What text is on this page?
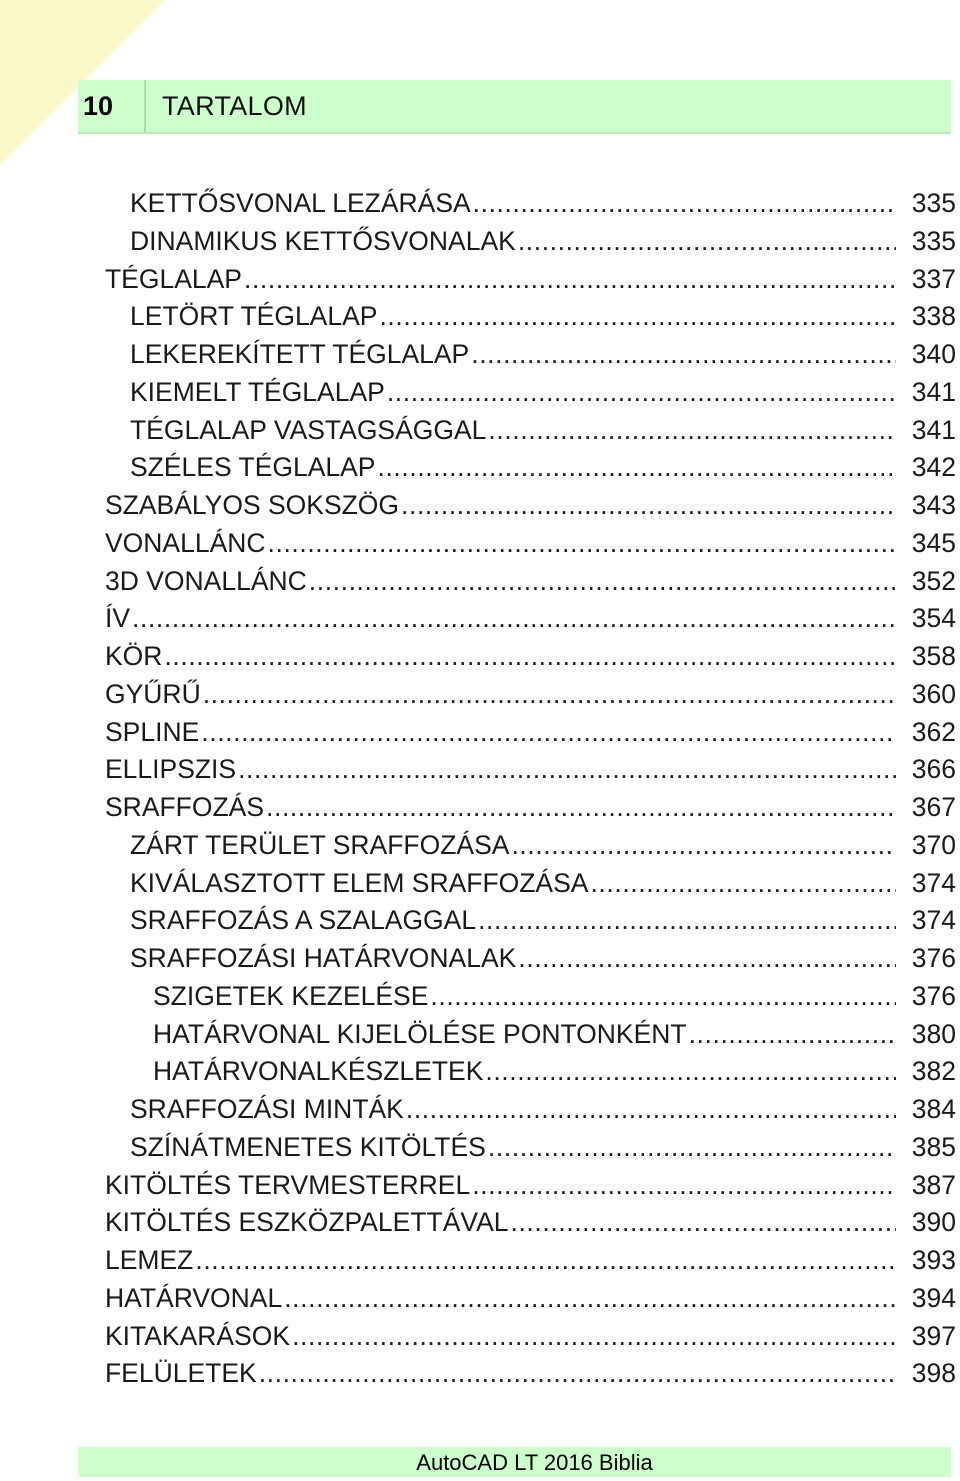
10	TARTALOM
KETTŐSVONAL LEZÁRÁSA .....	335
DINAMIKUS KETTŐSVONALAK .....	335
TÉGLALAP .....	337
LETÖRT TÉGLALAP .....	338
LEKEREKÍTETT TÉGLALAP .....	340
KIEMELT TÉGLALAP .....	341
TÉGLALAP VASTAGSÁGGAL .....	341
SZÉLES TÉGLALAP .....	342
SZABÁLYOS SOKSZÖG .....	343
VONALLÁNC .....	345
3D VONALLÁNC .....	352
ÍV .....	354
KÖR .....	358
GYŰRŰ .....	360
SPLINE .....	362
ELLIPSZIS .....	366
SRAFFOZÁS .....	367
ZÁRT TERÜLET SRAFFOZÁSA .....	370
KIVÁLASZTOTT ELEM SRAFFOZÁSA .....	374
SRAFFOZÁS A SZALAGGAL .....	374
SRAFFOZÁSI HATÁRVONALAK .....	376
SZIGETEK KEZELÉSE .....	376
HATÁRVONAL KIJELÖLÉSE PONTONKÉNT .....	380
HATÁRVONALKÉSZLETEK .....	382
SRAFFOZÁSI MINTÁK .....	384
SZÍNÁTMENETES KITÖLTÉS .....	385
KITÖLTÉS TERVMESTERREL .....	387
KITÖLTÉS ESZKÖZPALETTÁVAL .....	390
LEMEZ .....	393
HATÁRVONAL .....	394
KITAKARÁSOK .....	397
FELÜLETEK .....	398
AutoCAD LT 2016 Biblia
